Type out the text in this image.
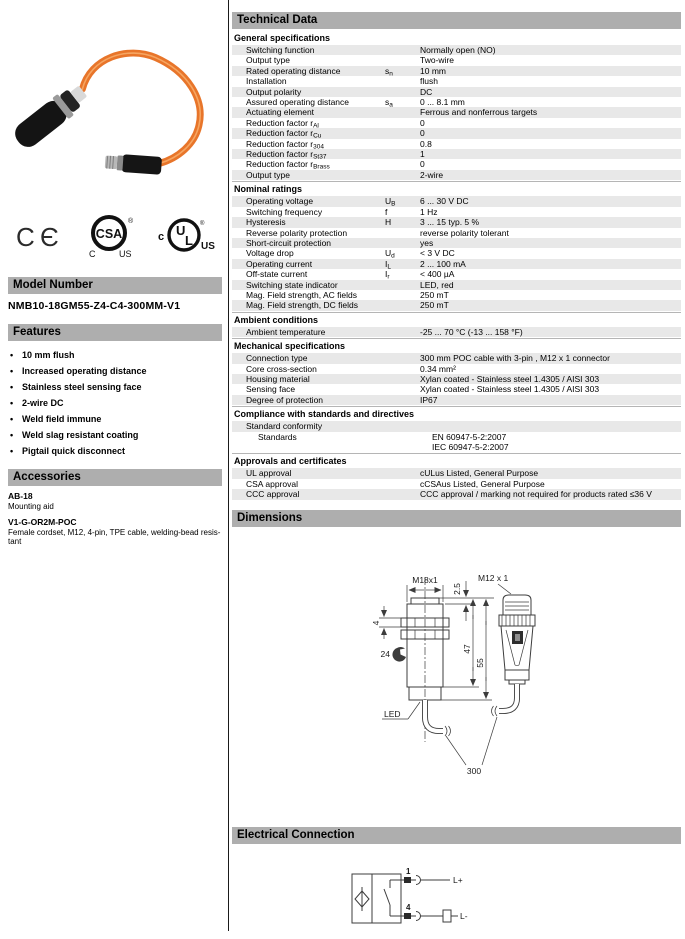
C Є	CSA
®
C	US
U
L
c
US
®
Model Number
NMB10-18GM55-Z4-C4-300MM-V1
Features
• 10 mm flush
• Increased operating distance
• Stainless steel sensing face
• 2-wire DC
• Weld field immune
• Weld slag resistant coating
• Pigtail quick disconnect
Accessories
AB-18
Mounting aid
V1-G-OR2M-POC
Female cordset, M12, 4-pin, TPE cable, welding-bead resis-tant
Technical Data
General specifications
Switching function	Normally open (NO)
Output type	Two-wire
Rated operating distance	$s_n$	10 mm
Installation	flush
Output polarity	DC
Assured operating distance	$s_a$	0 ... 8.1 mm
Actuating element	Ferrous and nonferrous targets
Reduction factor $r_{Al}$	0
Reduction factor $r_{Cu}$	0
Reduction factor $r_{304}$	0.8
Reduction factor $r_{St37}$	1
Reduction factor $r_{Brass}$	0
Output type	2-wire
Nominal ratings
Operating voltage	$U_B$	6 ... 30 V DC
Switching frequency	f	1 Hz
Hysteresis	H	3 ... 15 typ. 5 %
Reverse polarity protection	reverse polarity tolerant
Short-circuit protection	yes
Voltage drop	$U_d$	< 3 V DC
Operating current	$I_L$	2 ... 100 mA
Off-state current	$I_r$	< 400 µA
Switching state indicator	LED, red
Mag. Field strength, AC fields	250 mT
Mag. Field strength, DC fields	250 mT
Ambient conditions
Ambient temperature	-25 ... 70 °C (-13 ... 158 °F)
Mechanical specifications
Connection type	300 mm POC cable with 3-pin , M12 x 1 connector
Core cross-section	0.34 mm²
Housing material	Xylan coated - Stainless steel 1.4305 / AISI 303
Sensing face	Xylan coated - Stainless steel 1.4305 / AISI 303
Degree of protection	IP67
Compliance with standards and directives
Standard conformity
Standards	EN 60947-5-2:2007
IEC 60947-5-2:2007
Approvals and certificates
UL approval	cULus Listed, General Purpose
CSA approval	cCSAus Listed, General Purpose
CCC approval	CCC approval / marking not required for products rated ≤36 V
Dimensions
M18x1
2.5
4
24	47
55
LED
M12 x 1
300
Electrical Connection
1
L+
4
L-
